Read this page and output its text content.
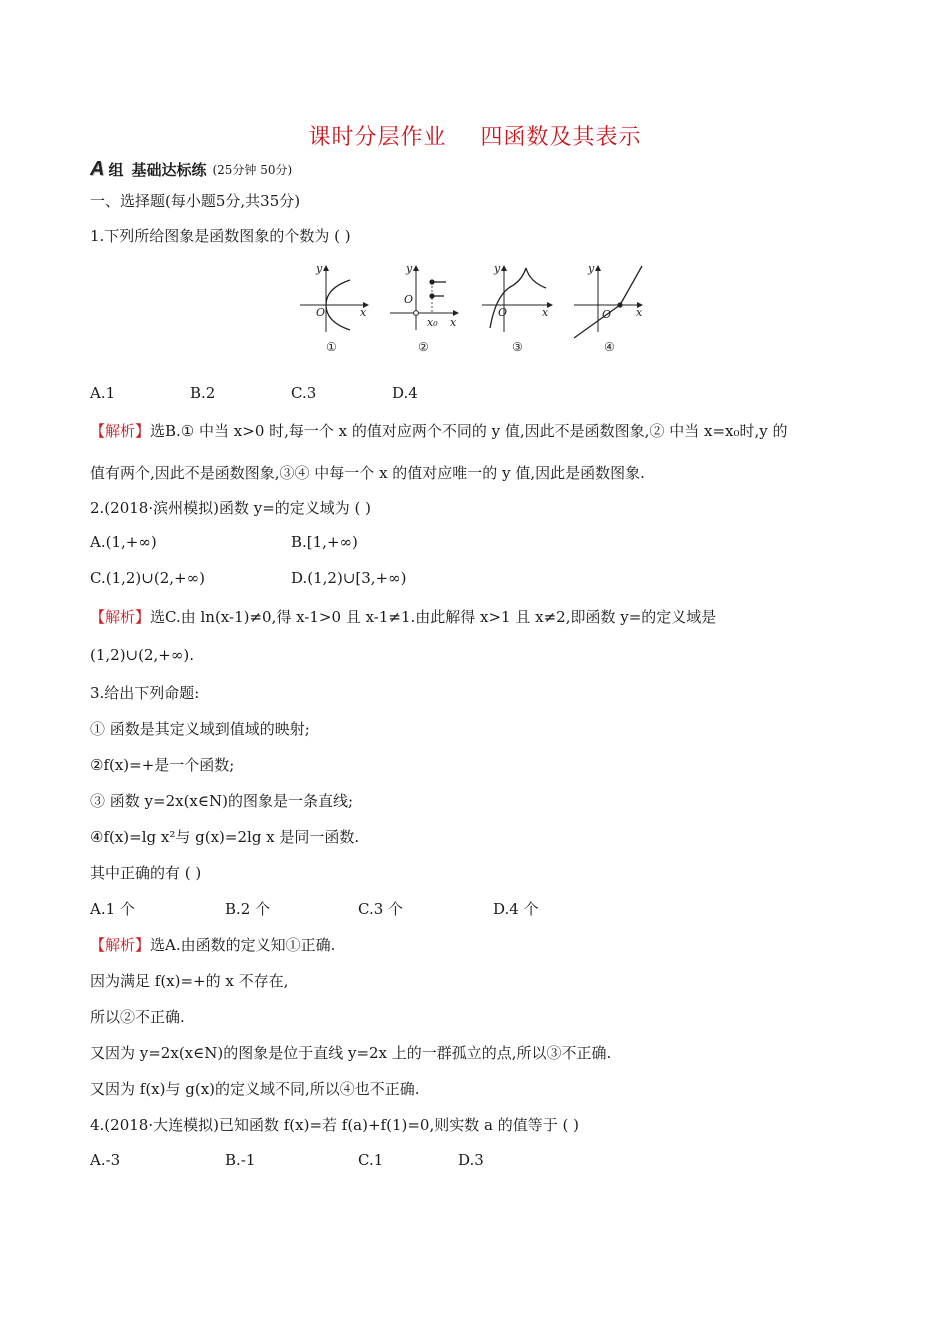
课时分层作业 四函数及其表示
A 组 基础达标练 (25分钟 50分)
一、选择题(每小题5分,共35分)
1.下列所给图象是函数图象的个数为 ( )
y
O	x
①
y
O
x₀ x
②
y
O	x
③
y
O x
④
A.1	B.2	C.3	D.4
【解析】选B.① 中当 x>0 时,每一个 x 的值对应两个不同的 y 值,因此不是函数图象,② 中当 x=x₀时,y 的
值有两个,因此不是函数图象,③④ 中每一个 x 的值对应唯一的 y 值,因此是函数图象.
2.(2018·滨州模拟)函数 y=的定义域为 ( )
A.(1,+∞)	B.[1,+∞)
C.(1,2)∪(2,+∞)	D.(1,2)∪[3,+∞)
【解析】选C.由 ln(x-1)≠0,得 x-1>0 且 x-1≠1.由此解得 x>1 且 x≠2,即函数 y=的定义域是
(1,2)∪(2,+∞).
3.给出下列命题:
① 函数是其定义域到值域的映射;
②f(x)=+是一个函数;
③ 函数 y=2x(x∈N)的图象是一条直线;
④f(x)=lg x²与 g(x)=2lg x 是同一函数.
其中正确的有 ( )
A.1 个	B.2 个	C.3 个	D.4 个
【解析】选A.由函数的定义知①正确.
因为满足 f(x)=+的 x 不存在,
所以②不正确.
又因为 y=2x(x∈N)的图象是位于直线 y=2x 上的一群孤立的点,所以③不正确.
又因为 f(x)与 g(x)的定义域不同,所以④也不正确.
4.(2018·大连模拟)已知函数 f(x)=若 f(a)+f(1)=0,则实数 a 的值等于 ( )
A.-3	B.-1	C.1	D.3
